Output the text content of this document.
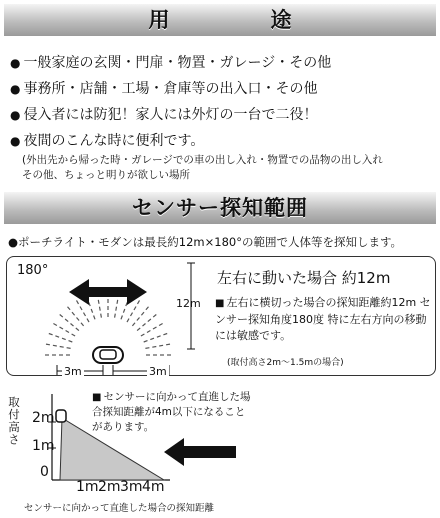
用　途
● 一般家庭の玄関・門扉・物置・ガレージ・その他
● 事務所・店舗・工場・倉庫等の出入口・その他
● 侵入者には防犯！家人には外灯の一台で二役！
● 夜間のこんな時に便利です。
(外出先から帰った時・ガレージでの車の出し入れ・物置での品物の出し入れ
その他、ちょっと明りが欲しい場所
センサー探知範囲
●ポーチライト・モダンは最長約12m×180°の範囲で人体等を探知します。
180°
12m
3m	3m
左右に動いた場合 約12m
■ 左右に横切った場合の探知距離約12m センサー探知角度180度 特に左右方向の移動には敏感です。
(取付高さ2m〜1.5mの場合)
取付高さ 2m
1m
0
1m 2m 3m 4m
■ センサーに向かって直進した場合探知距離が4m以下になることがあります。
センサーに向かって直進した場合の探知距離
